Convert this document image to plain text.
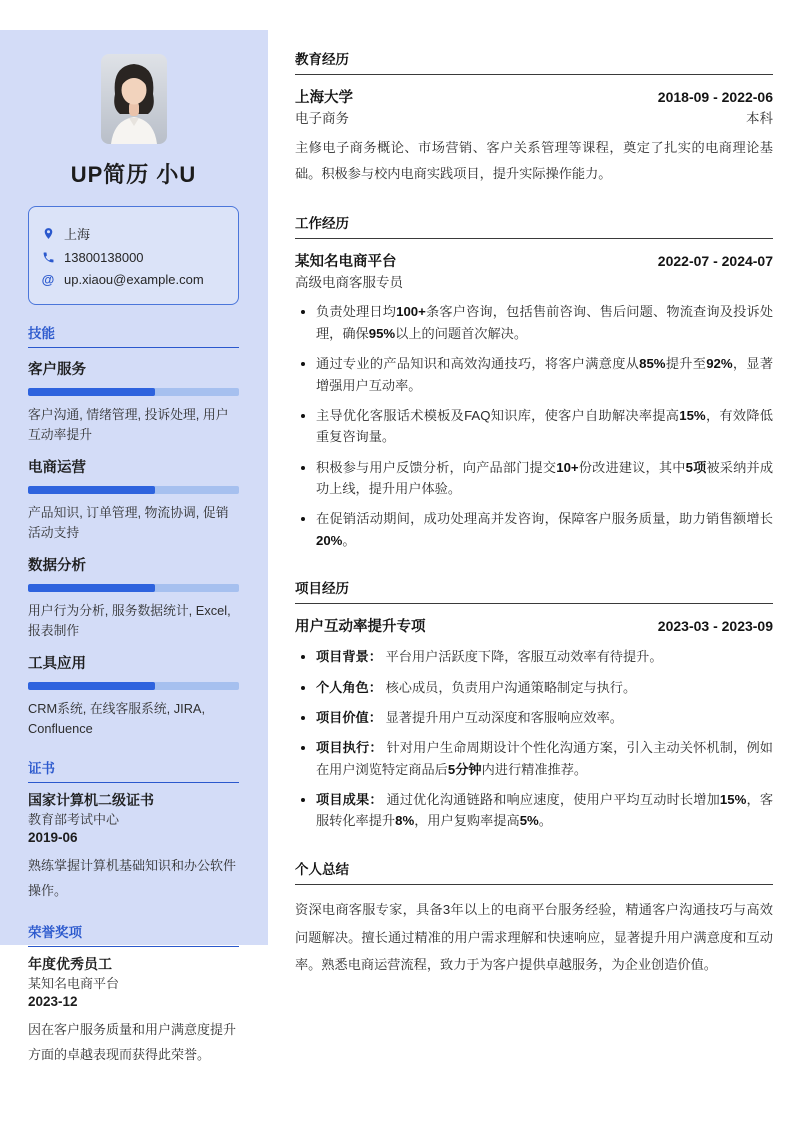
UP简历 小U
上海
13800138000
@ up.xiaou@example.com
技能
客户服务
客户沟通, 情绪管理, 投诉处理, 用户互动率提升
电商运营
产品知识, 订单管理, 物流协调, 促销活动支持
数据分析
用户行为分析, 服务数据统计, Excel, 报表制作
工具应用
CRM系统, 在线客服系统, JIRA, Confluence
证书
国家计算机二级证书
教育部考试中心
2019-06
熟练掌握计算机基础知识和办公软件操作。
荣誉奖项
年度优秀员工
某知名电商平台
2023-12
因在客户服务质量和用户满意度提升方面的卓越表现而获得此荣誉。
教育经历
上海大学	2018-09 - 2022-06
电子商务	本科

主修电子商务概论、市场营销、客户关系管理等课程，奠定了扎实的电商理论基础。积极参与校内电商实践项目，提升实际操作能力。

工作经历
某知名电商平台	2022-07 - 2024-07
高级电商客服专员
• 负责处理日均100+条客户咨询，包括售前咨询、售后问题、物流查询及投诉处理，确保95%以上的问题首次解决。
• 通过专业的产品知识和高效沟通技巧，将客户满意度从85%提升至92%，显著增强用户互动率。
• 主导优化客服话术模板及FAQ知识库，使客户自助解决率提高15%，有效降低重复咨询量。
• 积极参与用户反馈分析，向产品部门提交10+份改进建议，其中5项被采纳并成功上线，提升用户体验。
• 在促销活动期间，成功处理高并发咨询，保障客户服务质量，助力销售额增长20%。
项目经历
用户互动率提升专项	2023-03 - 2023-09
• 项目背景： 平台用户活跃度下降，客服互动效率有待提升。
• 个人角色： 核心成员，负责用户沟通策略制定与执行。
• 项目价值： 显著提升用户互动深度和客服响应效率。
• 项目执行： 针对用户生命周期设计个性化沟通方案，引入主动关怀机制，例如在用户浏览特定商品后5分钟内进行精准推荐。
• 项目成果： 通过优化沟通链路和响应速度，使用户平均互动时长增加15%，客服转化率提升8%，用户复购率提高5%。
个人总结

资深电商客服专家，具备3年以上的电商平台服务经验，精通客户沟通技巧与高效问题解决。擅长通过精准的用户需求理解和快速响应，显著提升用户满意度和互动率。熟悉电商运营流程，致力于为客户提供卓越服务，为企业创造价值。
